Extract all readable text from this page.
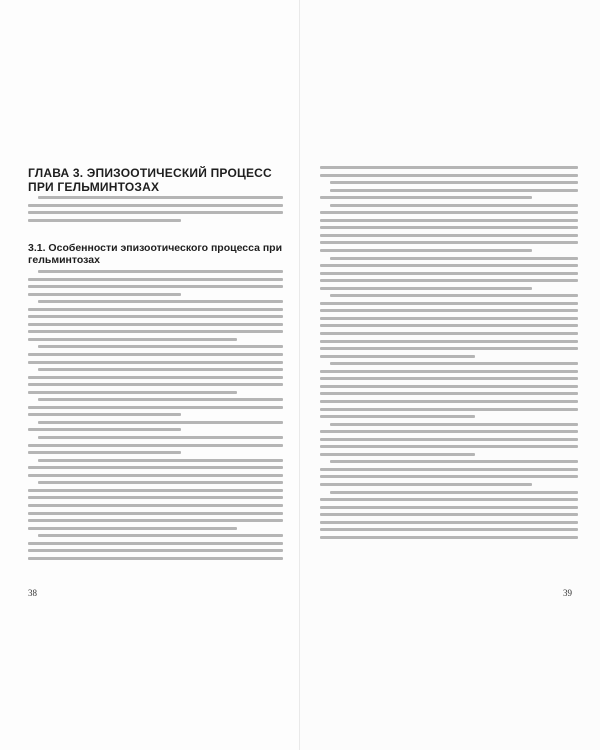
ГЛАВА 3. ЭПИЗООТИЧЕСКИЙ ПРОЦЕСС ПРИ ГЕЛЬМИНТОЗАХ
3.1. Особенности эпизоотического процесса при гельминтозах
38	39
